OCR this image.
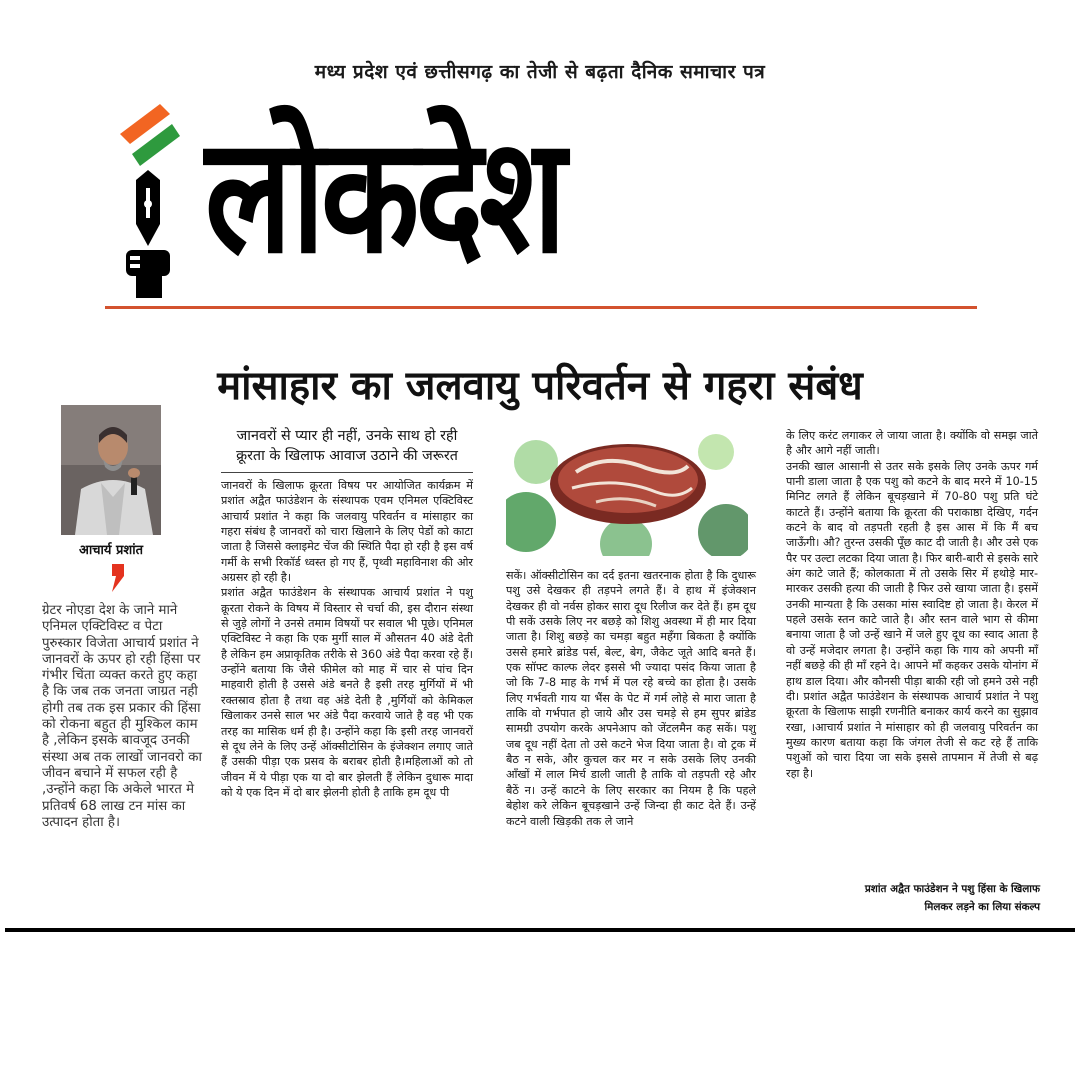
मध्य प्रदेश एवं छत्तीसगढ़ का तेजी से बढ़ता दैनिक समाचार पत्र
लोकदेश
मांसाहार का जलवायु परिवर्तन से गहरा संबंध
आचार्य प्रशांत
ग्रेटर नोएडा देश के जाने माने एनिमल एक्टिविस्ट व पेटा पुरुस्कार विजेता आचार्य प्रशांत ने जानवरों के ऊपर हो रही हिंसा पर गंभीर चिंता व्यक्त करते हुए कहा है कि जब तक जनता जाग्रत नही होगी तब तक इस प्रकार की हिंसा को रोकना बहुत ही मुश्किल काम है ,लेकिन इसके बावजूद उनकी संस्था अब तक लाखों जानवरो का जीवन बचाने में सफल रही है ,उन्होंने कहा कि अकेले भारत मे प्रतिवर्ष 68 लाख टन मांस का उत्पादन होता है।
जानवरों से प्यार ही नहीं, उनके साथ हो रही
क्रूरता के खिलाफ आवाज उठाने की जरूरत

जानवरों के खिलाफ क्रूरता विषय पर आयोजित कार्यक्रम में प्रशांत अद्वैत फाउंडेशन के संस्थापक एवम एनिमल एक्टिविस्ट आचार्य प्रशांत ने कहा कि जलवायु परिवर्तन व मांसाहार का गहरा संबंध है जानवरों को चारा खिलाने के लिए पेडों को काटा जाता है जिससे क्लाइमेट चेंज की स्थिति पैदा हो रही है इस वर्ष गर्मी के सभी रिकॉर्ड ध्वस्त हो गए हैं, पृथ्वी महाविनाश की ओर अग्रसर हो रही है।

प्रशांत अद्वैत फाउंडेशन के संस्थापक आचार्य प्रशांत ने पशु क्रूरता रोकने के विषय में विस्तार से चर्चा की, इस दौरान संस्था से जुड़े लोगों ने उनसे तमाम विषयों पर सवाल भी पूछे। एनिमल एक्टिविस्ट ने कहा कि एक मुर्गी साल में औसतन 40 अंडे देती है लेकिन हम अप्राकृतिक तरीके से 360 अंडे पैदा करवा रहे हैं। उन्होंने बताया कि जैसे फीमेल को माह में चार से पांच दिन माहवारी होती है उससे अंडे बनते है इसी तरह मुर्गियों में भी रक्तस्राव होता है तथा वह अंडे देती है ,मुर्गियों को केमिकल खिलाकर उनसे साल भर अंडे पैदा करवाये जाते है वह भी एक तरह का मासिक धर्म ही है। उन्होंने कहा कि इसी तरह जानवरों से दूध लेने के लिए उन्हें ऑक्सीटोसिन के इंजेक्शन लगाए जाते हैं उसकी पीड़ा एक प्रसव के बराबर होती है।महिलाओं को तो जीवन में ये पीड़ा एक या दो बार झेलती हैं लेकिन दुधारू मादा को ये एक दिन में दो बार झेलनी होती है ताकि हम दूध पी

सकें। ऑक्सीटोसिन का दर्द इतना खतरनाक होता है कि दुधारू पशु उसे देखकर ही तड़पने लगते हैं। वे हाथ में इंजेक्शन देखकर ही वो नर्वस होकर सारा दूध रिलीज कर देते हैं। हम दूध पी सकें उसके लिए नर बछड़े को शिशु अवस्था में ही मार दिया जाता है। शिशु बछड़े का चमड़ा बहुत महँगा बिकता है क्योंकि उससे हमारे ब्रांडेड पर्स, बेल्ट, बेग, जैकेट जूते आदि बनते हैं। एक सॉफ्ट काल्फ लेदर इससे भी ज्यादा पसंद किया जाता है जो कि 7-8 माह के गर्भ में पल रहे बच्चे का होता है। उसके लिए गर्भवती गाय या भैंस के पेट में गर्म लोहे से मारा जाता है ताकि वो गर्भपात हो जाये और उस चमड़े से हम सुपर ब्रांडेड सामग्री उपयोग करके अपनेआप को जेंटलमैन कह सकें। पशु जब दूध नहीं देता तो उसे कटने भेज दिया जाता है। वो ट्रक में बैठ न सके, और कुचल कर मर न सके उसके लिए उनकी आँखों में लाल मिर्च डाली जाती है ताकि वो तड़पती रहे और बैठें न। उन्हें काटने के लिए सरकार का नियम है कि पहले बेहोश करे लेकिन बूचड़खाने उन्हें जिन्दा ही काट देते हैं। उन्हें कटने वाली खिड़की तक ले जाने

के लिए करंट लगाकर ले जाया जाता है। क्योंकि वो समझ जाते है और आगे नहीं जाती।

उनकी खाल आसानी से उतर सके इसके लिए उनके ऊपर गर्म पानी डाला जाता है एक पशु को कटने के बाद मरने में 10-15 मिनिट लगते हैं लेकिन बूचड़खाने में 70-80 पशु प्रति घंटे काटते हैं। उन्होंने बताया कि क्रूरता की पराकाष्ठा देखिए, गर्दन कटने के बाद वो तड़पती रहती है इस आस में कि मैं बच जाऊँगी। औ? तुरन्त उसकी पूँछ काट दी जाती है। और उसे एक पैर पर उल्टा लटका दिया जाता है। फिर बारी-बारी से इसके सारे अंग काटे जाते हैं; कोलकाता में तो उसके सिर में हथोड़े मार-मारकर उसकी हत्या की जाती है फिर उसे खाया जाता है। इसमें उनकी मान्यता है कि उसका मांस स्वादिष्ट हो जाता है। केरल में पहले उसके स्तन काटे जाते है। और स्तन वाले भाग से कीमा बनाया जाता है जो उन्हें खाने में जले हुए दूध का स्वाद आता है वो उन्हें मजेदार लगता है। उन्होंने कहा कि गाय को अपनी माँ नहीं बछड़े की ही माँ रहने दे। आपने माँ कहकर उसके योनांग में हाथ डाल दिया। और कौनसी पीड़ा बाकी रही जो हमने उसे नही दी। प्रशांत अद्वैत फाउंडेशन के संस्थापक आचार्य प्रशांत ने पशु क्रूरता के खिलाफ साझी रणनीति बनाकर कार्य करने का सुझाव रखा, ।आचार्य प्रशांत ने मांसाहार को ही जलवायु परिवर्तन का मुख्य कारण बताया कहा कि जंगल तेजी से कट रहे हैं ताकि पशुओं को चारा दिया जा सके इससे तापमान में तेजी से बढ़ रहा है।

प्रशांत अद्वैत फाउंडेशन ने पशु हिंसा के खिलाफ
मिलकर लड़ने का लिया संकल्प
